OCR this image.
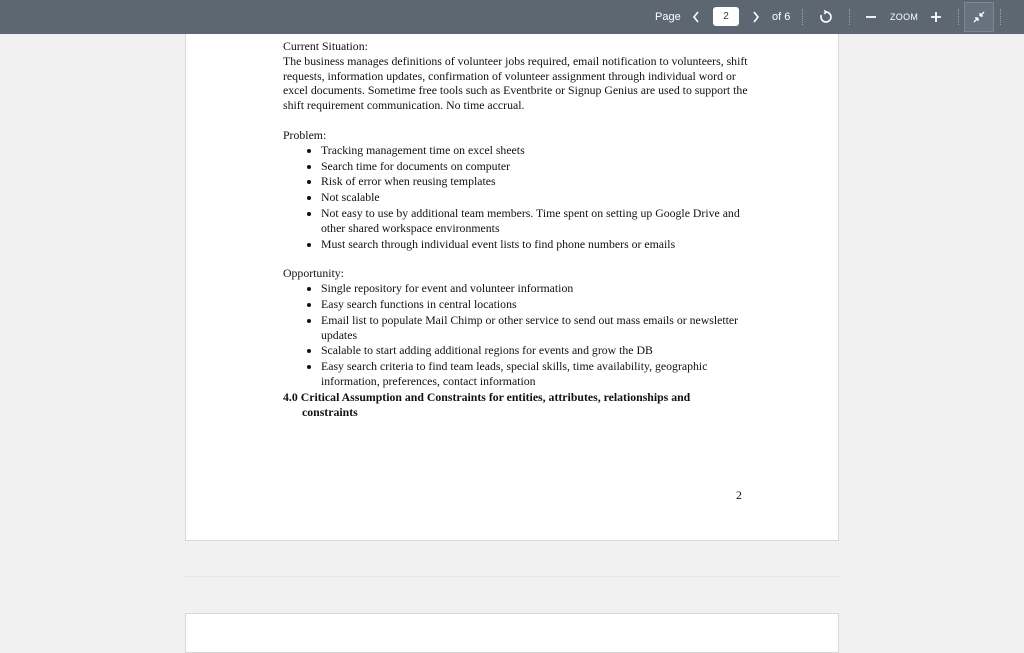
Page	2	of 6	ZOOM

Current Situation:

The business manages definitions of volunteer jobs required, email notification to volunteers, shift requests, information updates, confirmation of volunteer assignment through individual word or excel documents. Sometime free tools such as Eventbrite or Signup Genius are used to support the shift requirement communication. No time accrual.

Problem:

• Tracking management time on excel sheets
• Search time for documents on computer
• Risk of error when reusing templates
• Not scalable
• Not easy to use by additional team members. Time spent on setting up Google Drive and other shared workspace environments
• Must search through individual event lists to find phone numbers or emails

Opportunity:

• Single repository for event and volunteer information
• Easy search functions in central locations
• Email list to populate Mail Chimp or other service to send out mass emails or newsletter updates
• Scalable to start adding additional regions for events and grow the DB
• Easy search criteria to find team leads, special skills, time availability, geographic information, preferences, contact information

4.0 Critical Assumption and Constraints for entities, attributes, relationships and
constraints

2
